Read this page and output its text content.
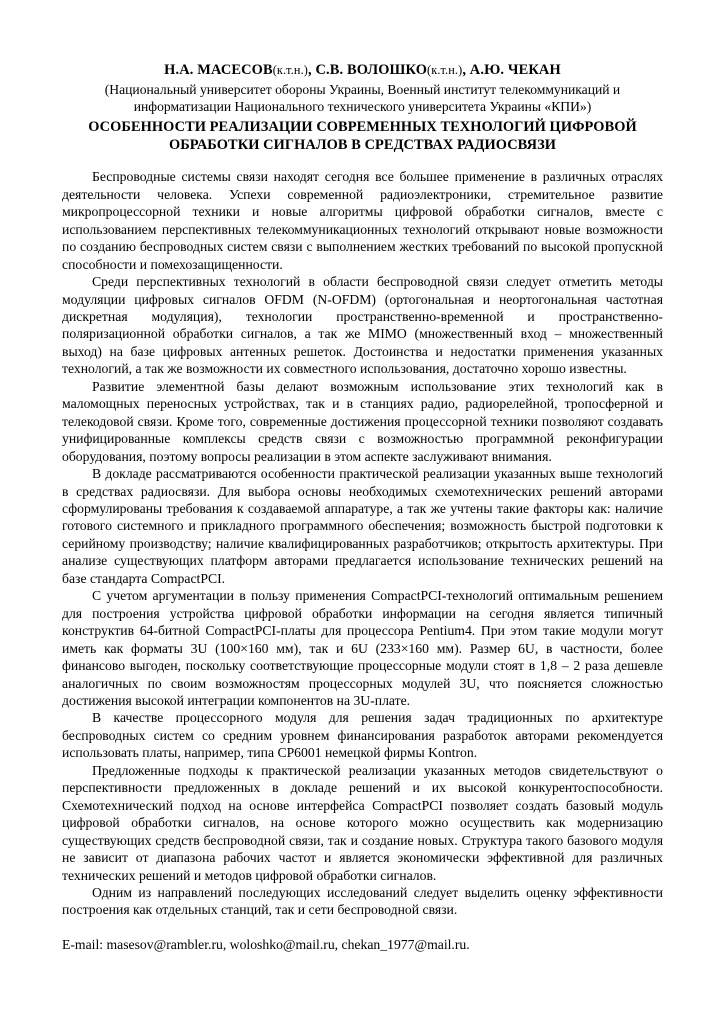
Н.А. МАСЕСОВ(к.т.н.), С.В. ВОЛОШКО(к.т.н.), А.Ю. ЧЕКАН
(Национальный университет обороны Украины, Военный институт телекоммуникаций и
информатизации Национального технического университета Украины «КПИ»)
ОСОБЕННОСТИ РЕАЛИЗАЦИИ СОВРЕМЕННЫХ ТЕХНОЛОГИЙ ЦИФРОВОЙ
ОБРАБОТКИ СИГНАЛОВ В СРЕДСТВАХ РАДИОСВЯЗИ

Беспроводные системы связи находят сегодня все большее применение в различных отраслях деятельности человека. Успехи современной радиоэлектроники, стремительное развитие микропроцессорной техники и новые алгоритмы цифровой обработки сигналов, вместе с использованием перспективных телекоммуникационных технологий открывают новые возможности по созданию беспроводных систем связи с выполнением жестких требований по высокой пропускной способности и помехозащищенности.

Среди перспективных технологий в области беспроводной связи следует отметить методы модуляции цифровых сигналов OFDM (N-OFDM) (ортогональная и неортогональная частотная дискретная модуляция), технологии пространственно-временной и пространственно-поляризационной обработки сигналов, а так же MIMO (множественный вход – множественный выход) на базе цифровых антенных решеток. Достоинства и недостатки применения указанных технологий, а так же возможности их совместного использования, достаточно хорошо известны.

Развитие элементной базы делают возможным использование этих технологий как в маломощных переносных устройствах, так и в станциях радио, радиорелейной, тропосферной и телекодовой связи. Кроме того, современные достижения процессорной техники позволяют создавать унифицированные комплексы средств связи с возможностью программной реконфигурации оборудования, поэтому вопросы реализации в этом аспекте заслуживают внимания.

В докладе рассматриваются особенности практической реализации указанных выше технологий в средствах радиосвязи. Для выбора основы необходимых схемотехнических решений авторами сформулированы требования к создаваемой аппаратуре, а так же учтены такие факторы как: наличие готового системного и прикладного программного обеспечения; возможность быстрой подготовки к серийному производству; наличие квалифицированных разработчиков; открытость архитектуры. При анализе существующих платформ авторами предлагается использование технических решений на базе стандарта CompactPCI.

С учетом аргументации в пользу применения CompactPCI-технологий оптимальным решением для построения устройства цифровой обработки информации на сегодня является типичный конструктив 64-битной CompactPCI-платы для процессора Pentium4. При этом такие модули могут иметь как форматы 3U (100×160 мм), так и 6U (233×160 мм). Размер 6U, в частности, более финансово выгоден, поскольку соответствующие процессорные модули стоят в 1,8 – 2 раза дешевле аналогичных по своим возможностям процессорных модулей 3U, что поясняется сложностью достижения высокой интеграции компонентов на 3U-плате.

В качестве процессорного модуля для решения задач традиционных по архитектуре беспроводных систем со средним уровнем финансирования разработок авторами рекомендуется использовать платы, например, типа CP6001 немецкой фирмы Kontron.

Предложенные подходы к практической реализации указанных методов свидетельствуют о перспективности предложенных в докладе решений и их высокой конкурентоспособности. Схемотехнический подход на основе интерфейса CompactPCI позволяет создать базовый модуль цифровой обработки сигналов, на основе которого можно осуществить как модернизацию существующих средств беспроводной связи, так и создание новых. Структура такого базового модуля не зависит от диапазона рабочих частот и является экономически эффективной для различных технических решений и методов цифровой обработки сигналов.

Одним из направлений последующих исследований следует выделить оценку эффективности построения как отдельных станций, так и сети беспроводной связи.

E-mail: masesov@rambler.ru, woloshko@mail.ru, chekan_1977@mail.ru.
